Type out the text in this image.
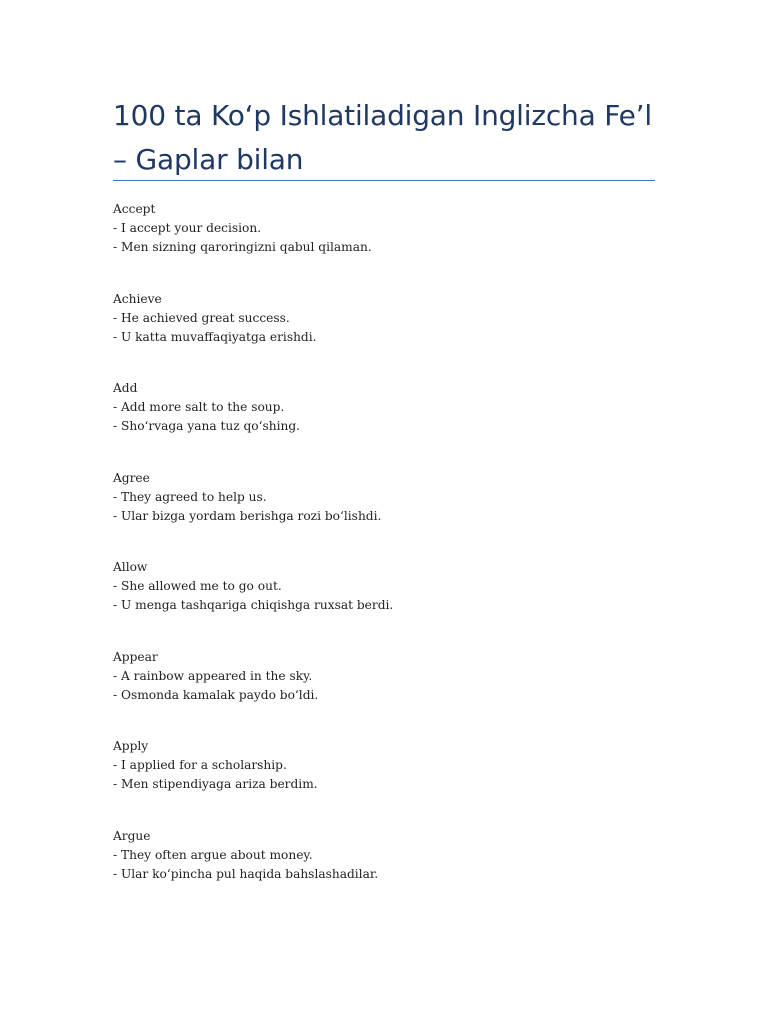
100 ta Ko‘p Ishlatiladigan Inglizcha Fe’l – Gaplar bilan
Accept
- I accept your decision.
- Men sizning qaroringizni qabul qilaman.
Achieve
- He achieved great success.
- U katta muvaffaqiyatga erishdi.
Add
- Add more salt to the soup.
- Sho‘rvaga yana tuz qo‘shing.
Agree
- They agreed to help us.
- Ular bizga yordam berishga rozi bo‘lishdi.
Allow
- She allowed me to go out.
- U menga tashqariga chiqishga ruxsat berdi.
Appear
- A rainbow appeared in the sky.
- Osmonda kamalak paydo bo‘ldi.
Apply
- I applied for a scholarship.
- Men stipendiyaga ariza berdim.
Argue
- They often argue about money.
- Ular ko‘pincha pul haqida bahslashadilar.
